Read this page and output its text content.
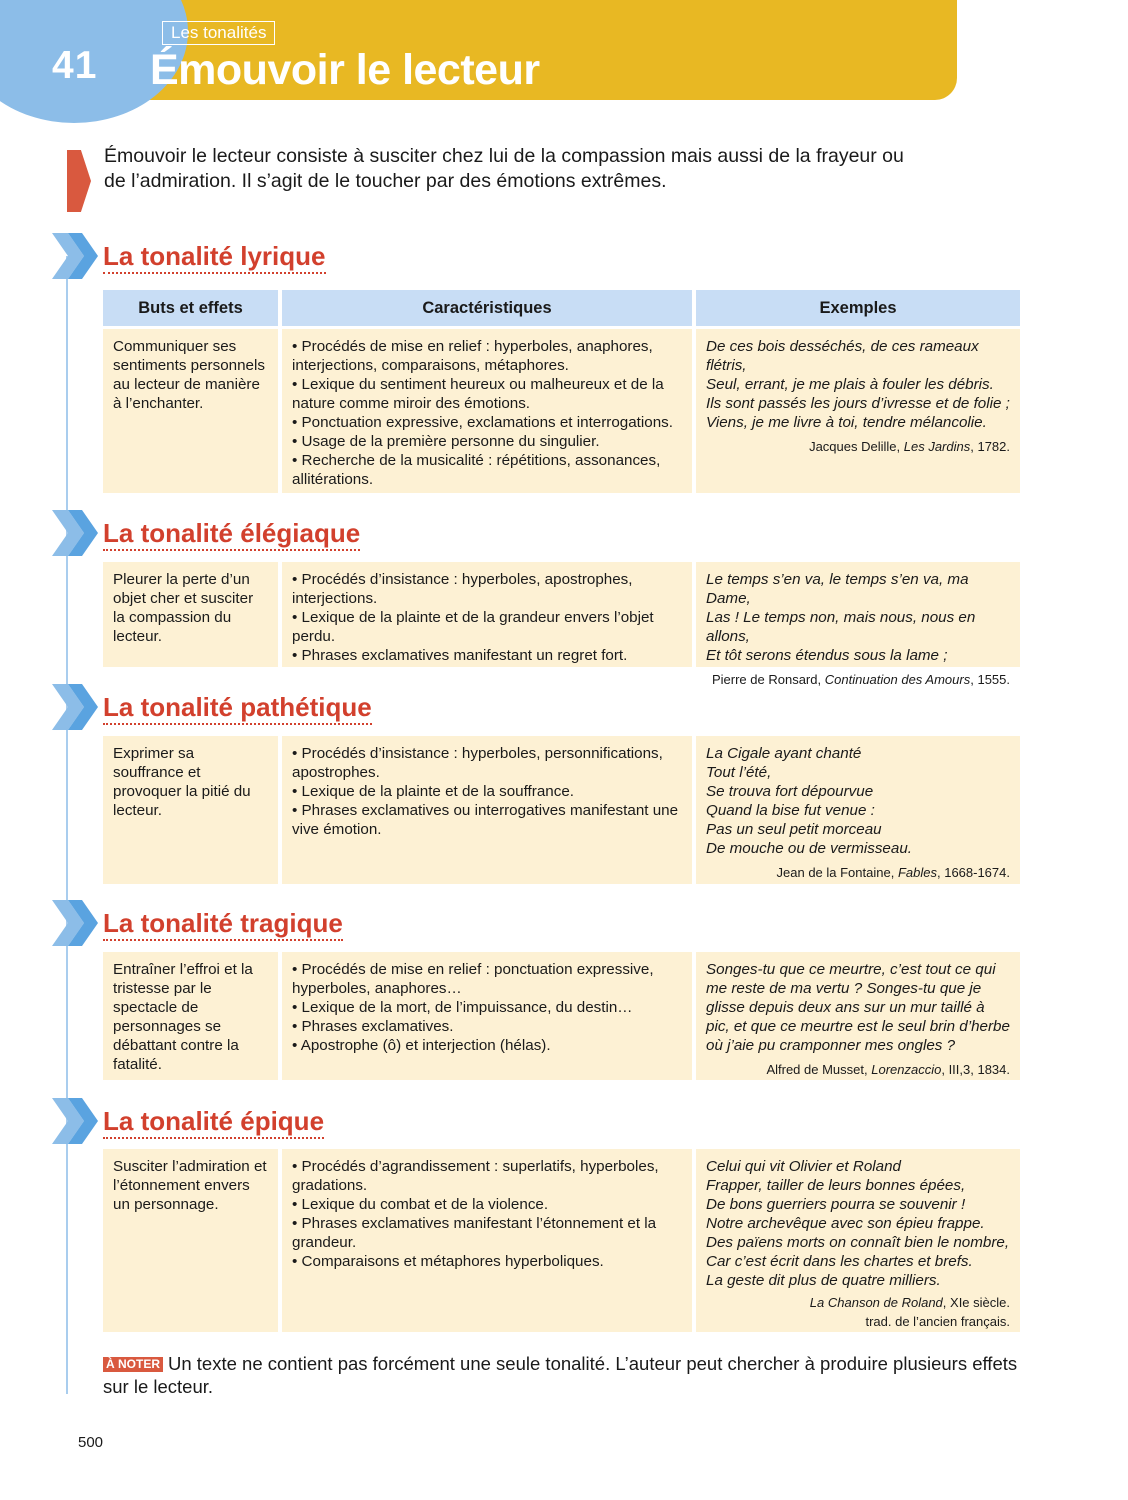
41
Les tonalités
Émouvoir le lecteur
Émouvoir le lecteur consiste à susciter chez lui de la compassion mais aussi de la frayeur ou de l’admiration. Il s’agit de le toucher par des émotions extrêmes.
La tonalité lyrique
Buts et effets	Caractéristiques	Exemples
Communiquer ses sentiments personnels au lecteur de manière à l’enchanter.
• Procédés de mise en relief : hyperboles, anaphores, interjections, comparaisons, métaphores.
• Lexique du sentiment heureux ou malheureux et de la nature comme miroir des émotions.
• Ponctuation expressive, exclamations et interrogations.
• Usage de la première personne du singulier.
• Recherche de la musicalité : répétitions, assonances, allitérations.
De ces bois desséchés, de ces rameaux flétris,
Seul, errant, je me plais à fouler les débris.
Ils sont passés les jours d’ivresse et de folie ;
Viens, je me livre à toi, tendre mélancolie.
Jacques Delille, Les Jardins, 1782.
La tonalité élégiaque
Pleurer la perte d’un objet cher et susciter la compassion du lecteur.
• Procédés d’insistance : hyperboles, apostrophes, interjections.
• Lexique de la plainte et de la grandeur envers l’objet perdu.
• Phrases exclamatives manifestant un regret fort.
Le temps s’en va, le temps s’en va, ma Dame,
Las ! Le temps non, mais nous, nous en allons,
Et tôt serons étendus sous la lame ;
Pierre de Ronsard, Continuation des Amours, 1555.
La tonalité pathétique
Exprimer sa souffrance et provoquer la pitié du lecteur.
• Procédés d’insistance : hyperboles, personnifications, apostrophes.
• Lexique de la plainte et de la souffrance.
• Phrases exclamatives ou interrogatives manifestant une vive émotion.
La Cigale ayant chanté
Tout l’été,
Se trouva fort dépourvue
Quand la bise fut venue :
Pas un seul petit morceau
De mouche ou de vermisseau.
Jean de la Fontaine, Fables, 1668-1674.
La tonalité tragique
Entraîner l’effroi et la tristesse par le spectacle de personnages se débattant contre la fatalité.
• Procédés de mise en relief : ponctuation expressive, hyperboles, anaphores…
• Lexique de la mort, de l’impuissance, du destin…
• Phrases exclamatives.
• Apostrophe (ô) et interjection (hélas).
Songes-tu que ce meurtre, c’est tout ce qui me reste de ma vertu ? Songes-tu que je glisse depuis deux ans sur un mur taillé à pic, et que ce meurtre est le seul brin d’herbe où j’aie pu cramponner mes ongles ?
Alfred de Musset, Lorenzaccio, III,3, 1834.
La tonalité épique
Susciter l’admiration et l’étonnement envers un personnage.
• Procédés d’agrandissement : superlatifs, hyperboles, gradations.
• Lexique du combat et de la violence.
• Phrases exclamatives manifestant l’étonnement et la grandeur.
• Comparaisons et métaphores hyperboliques.
Celui qui vit Olivier et Roland
Frapper, tailler de leurs bonnes épées,
De bons guerriers pourra se souvenir !
Notre archevêque avec son épieu frappe.
Des païens morts on connaît bien le nombre,
Car c’est écrit dans les chartes et brefs.
La geste dit plus de quatre milliers.
La Chanson de Roland, XIe siècle.
trad. de l’ancien français.
À NOTER Un texte ne contient pas forcément une seule tonalité. L’auteur peut chercher à produire plusieurs effets sur le lecteur.
500
